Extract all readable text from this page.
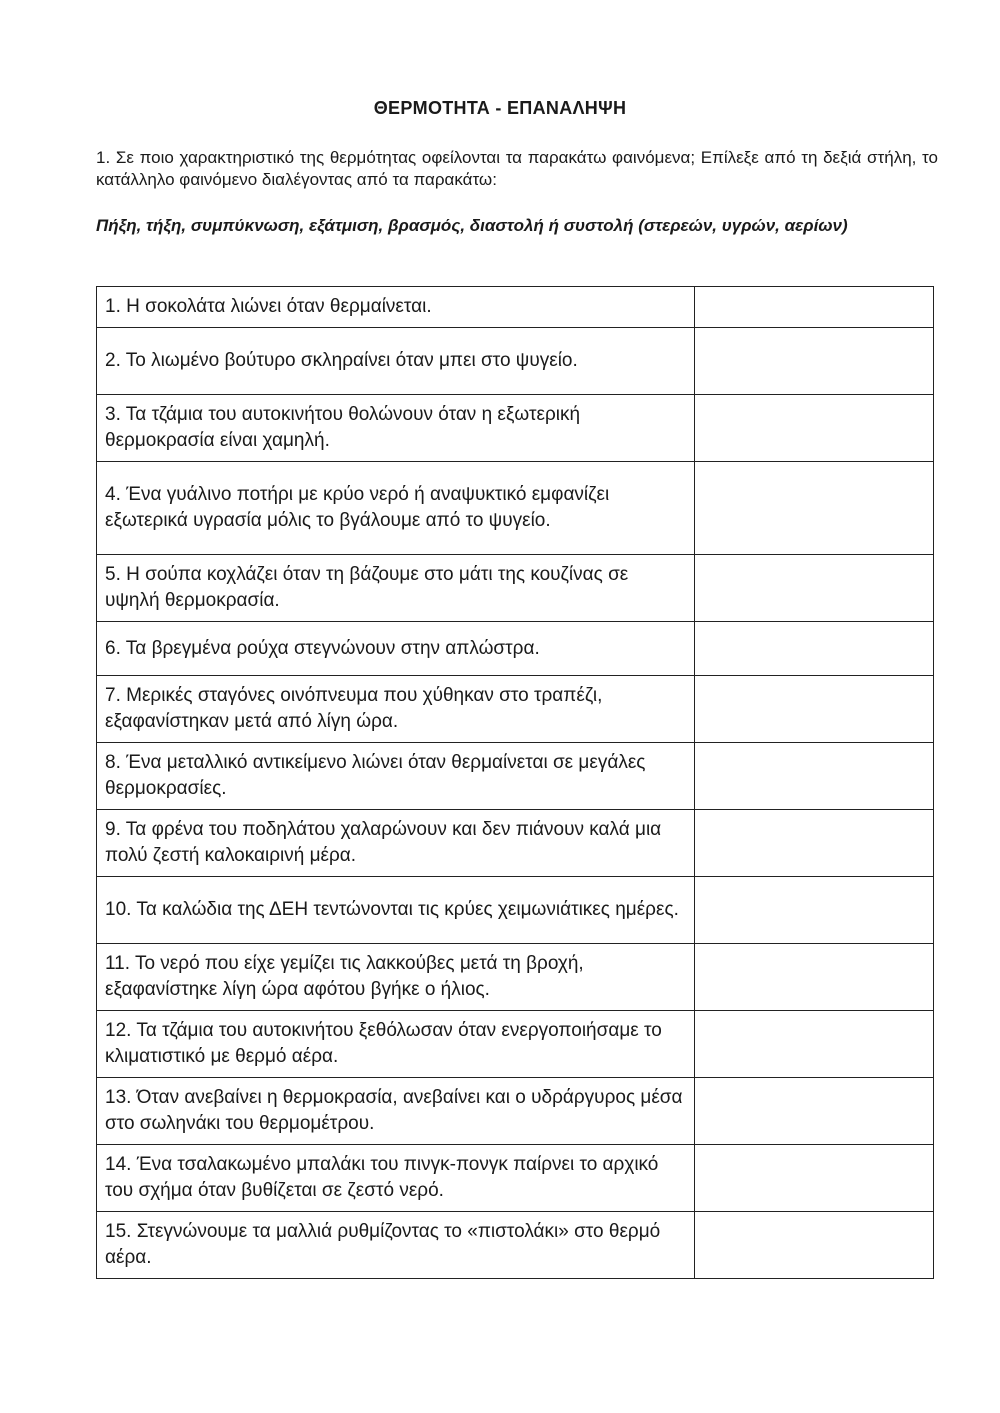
ΘΕΡΜΟΤΗΤΑ - ΕΠΑΝΑΛΗΨΗ
1. Σε ποιο χαρακτηριστικό της θερμότητας οφείλονται τα παρακάτω φαινόμενα; Επίλεξε από τη δεξιά στήλη, το κατάλληλο φαινόμενο διαλέγοντας από τα παρακάτω:
Πήξη, τήξη, συμπύκνωση, εξάτμιση, βρασμός, διαστολή ή συστολή (στερεών, υγρών, αερίων)
1. Η σοκολάτα λιώνει όταν θερμαίνεται.	
2. Το λιωμένο βούτυρο σκληραίνει όταν μπει στο ψυγείο.	
3. Τα τζάμια του αυτοκινήτου θολώνουν όταν η εξωτερική θερμοκρασία είναι χαμηλή.	
4. Ένα γυάλινο ποτήρι με κρύο νερό ή αναψυκτικό εμφανίζει εξωτερικά υγρασία μόλις το βγάλουμε από το ψυγείο.	
5. Η σούπα κοχλάζει όταν τη βάζουμε στο μάτι της κουζίνας σε υψηλή θερμοκρασία.	
6. Τα βρεγμένα ρούχα στεγνώνουν στην απλώστρα.	
7. Μερικές σταγόνες οινόπνευμα που χύθηκαν στο τραπέζι, εξαφανίστηκαν μετά από λίγη ώρα.	
8. Ένα μεταλλικό αντικείμενο λιώνει όταν θερμαίνεται σε μεγάλες θερμοκρασίες.	
9. Τα φρένα του ποδηλάτου χαλαρώνουν και δεν πιάνουν καλά μια πολύ ζεστή καλοκαιρινή μέρα.	
10. Τα καλώδια της ΔΕΗ τεντώνονται τις κρύες χειμωνιάτικες ημέρες.	
11. Το νερό που είχε γεμίζει τις λακκούβες μετά τη βροχή, εξαφανίστηκε λίγη ώρα αφότου βγήκε ο ήλιος.	
12. Τα τζάμια του αυτοκινήτου ξεθόλωσαν όταν ενεργοποιήσαμε το κλιματιστικό με θερμό αέρα.	
13. Όταν ανεβαίνει η θερμοκρασία, ανεβαίνει και ο υδράργυρος μέσα στο σωληνάκι του θερμομέτρου.	
14. Ένα τσαλακωμένο μπαλάκι του πινγκ-πονγκ παίρνει το αρχικό του σχήμα όταν βυθίζεται σε ζεστό νερό.	
15. Στεγνώνουμε τα μαλλιά ρυθμίζοντας το «πιστολάκι» στο θερμό αέρα.	
